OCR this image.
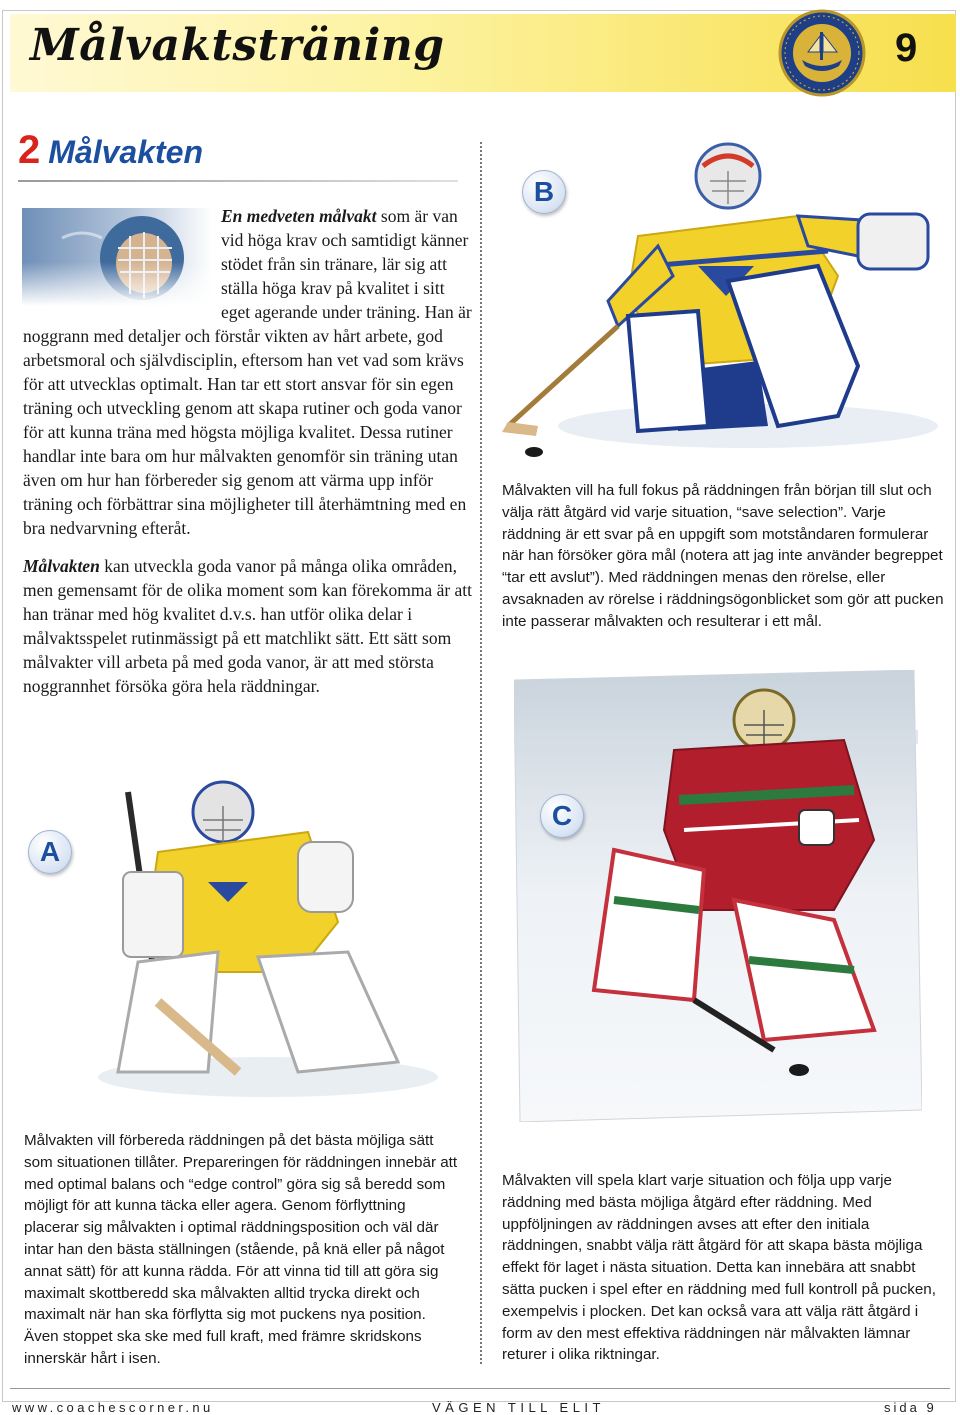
Målvaktsträning	9
2 Målvakten

En medveten målvakt som är van vid höga krav och samtidigt känner stödet från sin tränare, lär sig att ställa höga krav på kvalitet i sitt eget agerande under träning. Han är noggrann med detaljer och förstår vikten av hårt arbete, god arbetsmoral och självdisciplin, eftersom han vet vad som krävs för att utvecklas optimalt. Han tar ett stort ansvar för sin egen träning och utveckling genom att skapa rutiner och goda vanor för att kunna träna med högsta möjliga kvalitet. Dessa rutiner handlar inte bara om hur målvakten genomför sin träning utan även om hur han förbereder sig genom att värma upp inför träning och förbättrar sina möjligheter till återhämtning med en bra nedvarvning efteråt.

Målvakten kan utveckla goda vanor på många olika områden, men gemensamt för de olika moment som kan förekomma är att han tränar med hög kvalitet d.v.s. han utför olika delar i målvaktsspelet rutinmässigt på ett matchlikt sätt. Ett sätt som målvakter vill arbeta på med goda vanor, är att med största noggrannhet försöka göra hela räddningar.

B

Målvakten vill ha full fokus på räddningen från början till slut och välja rätt åtgärd vid varje situation, “save selection”. Varje räddning är ett svar på en uppgift som motståndaren formulerar när han försöker göra mål (notera att jag inte använder begreppet “tar ett avslut”). Med räddningen menas den rörelse, eller avsaknaden av rörelse i räddningsögonblicket som gör att pucken inte passerar målvakten och resulterar i ett mål.

A

Målvakten vill förbereda räddningen på det bästa möjliga sätt som situationen tillåter. Prepareringen för räddningen innebär att med optimal balans och “edge control” göra sig så beredd som möjligt för att kunna täcka eller agera. Genom förflyttning placerar sig målvakten i optimal räddningsposition och väl där intar han den bästa ställningen (stående, på knä eller på något annat sätt) för att kunna rädda. För att vinna tid till att göra sig maximalt skottberedd ska målvakten alltid trycka direkt och maximalt när han ska förflytta sig mot puckens nya position. Även stoppet ska ske med full kraft, med främre skridskons innerskär hårt i isen.

C

Målvakten vill spela klart varje situation och följa upp varje räddning med bästa möjliga åtgärd efter räddning. Med uppföljningen av räddningen avses att efter den initiala räddningen, snabbt välja rätt åtgärd för att skapa bästa möjliga effekt för laget i nästa situation. Detta kan innebära att snabbt sätta pucken i spel efter en räddning med full kontroll på pucken, exempelvis i plocken. Det kan också vara att välja rätt åtgärd i form av den mest effektiva räddningen när målvakten lämnar returer i olika riktningar.

www.coachescorner.nu	VÄGEN TILL ELIT	sida 9
